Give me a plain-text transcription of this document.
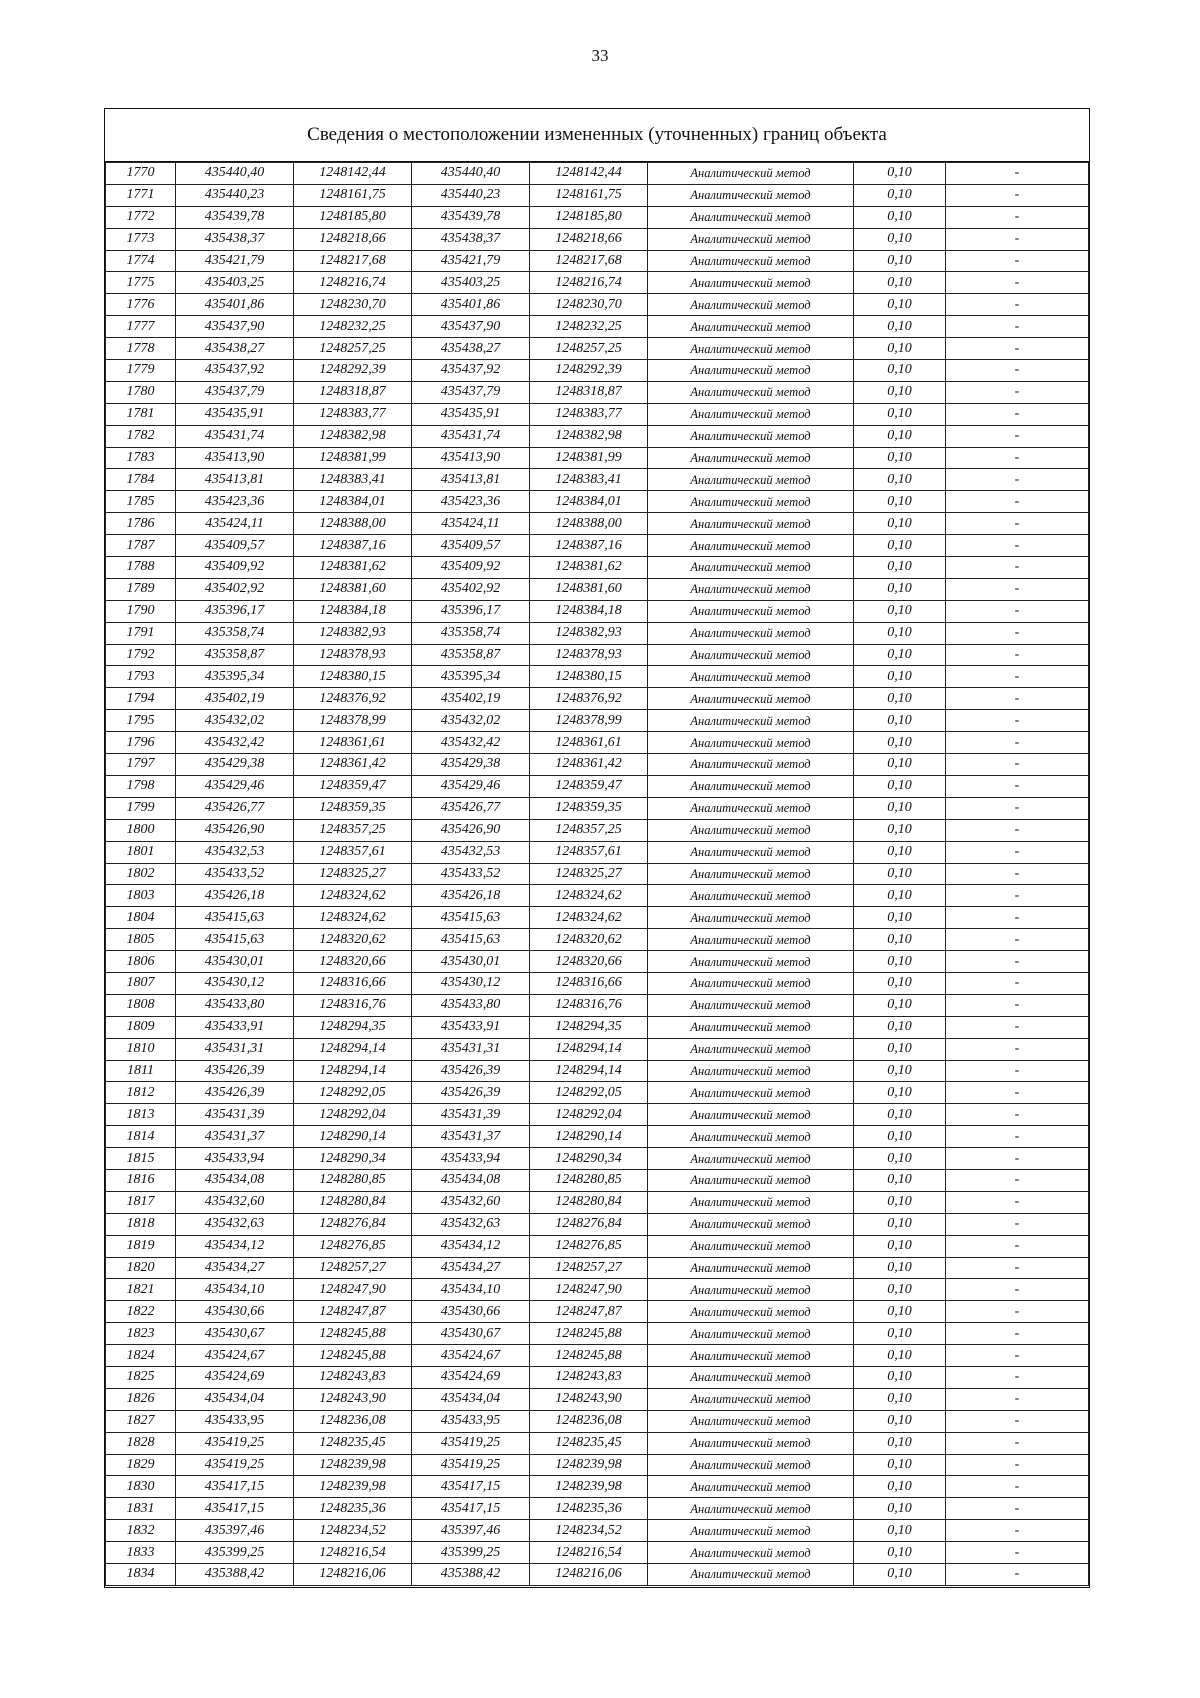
33
Сведения о местоположении измененных (уточненных) границ объекта
1770	435440,40	1248142,44	435440,40	1248142,44	Аналитический метод	0,10	-
1771	435440,23	1248161,75	435440,23	1248161,75	Аналитический метод	0,10	-
1772	435439,78	1248185,80	435439,78	1248185,80	Аналитический метод	0,10	-
1773	435438,37	1248218,66	435438,37	1248218,66	Аналитический метод	0,10	-
1774	435421,79	1248217,68	435421,79	1248217,68	Аналитический метод	0,10	-
1775	435403,25	1248216,74	435403,25	1248216,74	Аналитический метод	0,10	-
1776	435401,86	1248230,70	435401,86	1248230,70	Аналитический метод	0,10	-
1777	435437,90	1248232,25	435437,90	1248232,25	Аналитический метод	0,10	-
1778	435438,27	1248257,25	435438,27	1248257,25	Аналитический метод	0,10	-
1779	435437,92	1248292,39	435437,92	1248292,39	Аналитический метод	0,10	-
1780	435437,79	1248318,87	435437,79	1248318,87	Аналитический метод	0,10	-
1781	435435,91	1248383,77	435435,91	1248383,77	Аналитический метод	0,10	-
1782	435431,74	1248382,98	435431,74	1248382,98	Аналитический метод	0,10	-
1783	435413,90	1248381,99	435413,90	1248381,99	Аналитический метод	0,10	-
1784	435413,81	1248383,41	435413,81	1248383,41	Аналитический метод	0,10	-
1785	435423,36	1248384,01	435423,36	1248384,01	Аналитический метод	0,10	-
1786	435424,11	1248388,00	435424,11	1248388,00	Аналитический метод	0,10	-
1787	435409,57	1248387,16	435409,57	1248387,16	Аналитический метод	0,10	-
1788	435409,92	1248381,62	435409,92	1248381,62	Аналитический метод	0,10	-
1789	435402,92	1248381,60	435402,92	1248381,60	Аналитический метод	0,10	-
1790	435396,17	1248384,18	435396,17	1248384,18	Аналитический метод	0,10	-
1791	435358,74	1248382,93	435358,74	1248382,93	Аналитический метод	0,10	-
1792	435358,87	1248378,93	435358,87	1248378,93	Аналитический метод	0,10	-
1793	435395,34	1248380,15	435395,34	1248380,15	Аналитический метод	0,10	-
1794	435402,19	1248376,92	435402,19	1248376,92	Аналитический метод	0,10	-
1795	435432,02	1248378,99	435432,02	1248378,99	Аналитический метод	0,10	-
1796	435432,42	1248361,61	435432,42	1248361,61	Аналитический метод	0,10	-
1797	435429,38	1248361,42	435429,38	1248361,42	Аналитический метод	0,10	-
1798	435429,46	1248359,47	435429,46	1248359,47	Аналитический метод	0,10	-
1799	435426,77	1248359,35	435426,77	1248359,35	Аналитический метод	0,10	-
1800	435426,90	1248357,25	435426,90	1248357,25	Аналитический метод	0,10	-
1801	435432,53	1248357,61	435432,53	1248357,61	Аналитический метод	0,10	-
1802	435433,52	1248325,27	435433,52	1248325,27	Аналитический метод	0,10	-
1803	435426,18	1248324,62	435426,18	1248324,62	Аналитический метод	0,10	-
1804	435415,63	1248324,62	435415,63	1248324,62	Аналитический метод	0,10	-
1805	435415,63	1248320,62	435415,63	1248320,62	Аналитический метод	0,10	-
1806	435430,01	1248320,66	435430,01	1248320,66	Аналитический метод	0,10	-
1807	435430,12	1248316,66	435430,12	1248316,66	Аналитический метод	0,10	-
1808	435433,80	1248316,76	435433,80	1248316,76	Аналитический метод	0,10	-
1809	435433,91	1248294,35	435433,91	1248294,35	Аналитический метод	0,10	-
1810	435431,31	1248294,14	435431,31	1248294,14	Аналитический метод	0,10	-
1811	435426,39	1248294,14	435426,39	1248294,14	Аналитический метод	0,10	-
1812	435426,39	1248292,05	435426,39	1248292,05	Аналитический метод	0,10	-
1813	435431,39	1248292,04	435431,39	1248292,04	Аналитический метод	0,10	-
1814	435431,37	1248290,14	435431,37	1248290,14	Аналитический метод	0,10	-
1815	435433,94	1248290,34	435433,94	1248290,34	Аналитический метод	0,10	-
1816	435434,08	1248280,85	435434,08	1248280,85	Аналитический метод	0,10	-
1817	435432,60	1248280,84	435432,60	1248280,84	Аналитический метод	0,10	-
1818	435432,63	1248276,84	435432,63	1248276,84	Аналитический метод	0,10	-
1819	435434,12	1248276,85	435434,12	1248276,85	Аналитический метод	0,10	-
1820	435434,27	1248257,27	435434,27	1248257,27	Аналитический метод	0,10	-
1821	435434,10	1248247,90	435434,10	1248247,90	Аналитический метод	0,10	-
1822	435430,66	1248247,87	435430,66	1248247,87	Аналитический метод	0,10	-
1823	435430,67	1248245,88	435430,67	1248245,88	Аналитический метод	0,10	-
1824	435424,67	1248245,88	435424,67	1248245,88	Аналитический метод	0,10	-
1825	435424,69	1248243,83	435424,69	1248243,83	Аналитический метод	0,10	-
1826	435434,04	1248243,90	435434,04	1248243,90	Аналитический метод	0,10	-
1827	435433,95	1248236,08	435433,95	1248236,08	Аналитический метод	0,10	-
1828	435419,25	1248235,45	435419,25	1248235,45	Аналитический метод	0,10	-
1829	435419,25	1248239,98	435419,25	1248239,98	Аналитический метод	0,10	-
1830	435417,15	1248239,98	435417,15	1248239,98	Аналитический метод	0,10	-
1831	435417,15	1248235,36	435417,15	1248235,36	Аналитический метод	0,10	-
1832	435397,46	1248234,52	435397,46	1248234,52	Аналитический метод	0,10	-
1833	435399,25	1248216,54	435399,25	1248216,54	Аналитический метод	0,10	-
1834	435388,42	1248216,06	435388,42	1248216,06	Аналитический метод	0,10	-
